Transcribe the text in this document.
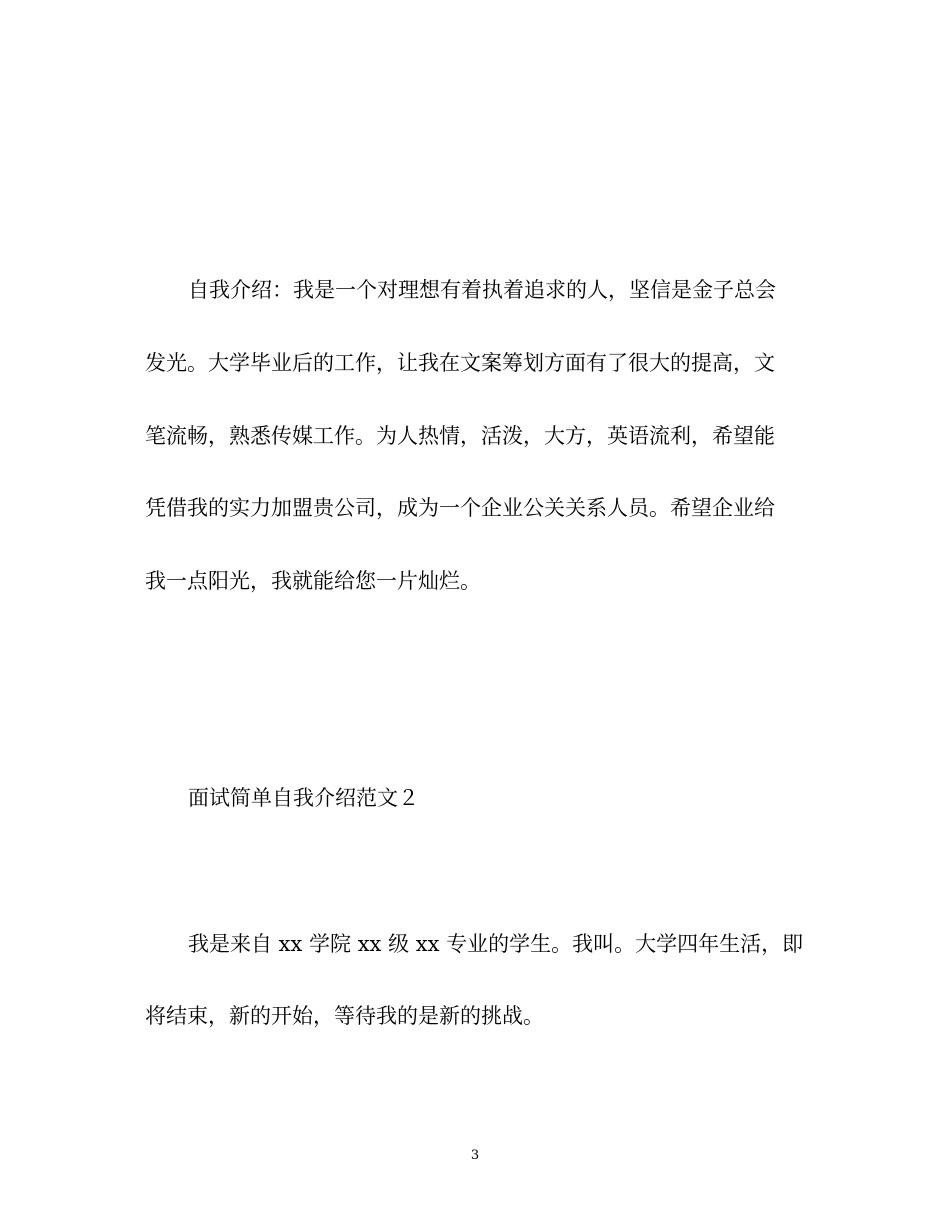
自我介绍：我是一个对理想有着执着追求的人，坚信是金子总会

发光。大学毕业后的工作，让我在文案筹划方面有了很大的提高，文

笔流畅，熟悉传媒工作。为人热情，活泼，大方，英语流利，希望能

凭借我的实力加盟贵公司，成为一个企业公关关系人员。希望企业给

我一点阳光，我就能给您一片灿烂。

面试简单自我介绍范文２

我是来自 xx 学院 xx 级 xx 专业的学生。我叫。大学四年生活，即

将结束，新的开始，等待我的是新的挑战。

3
